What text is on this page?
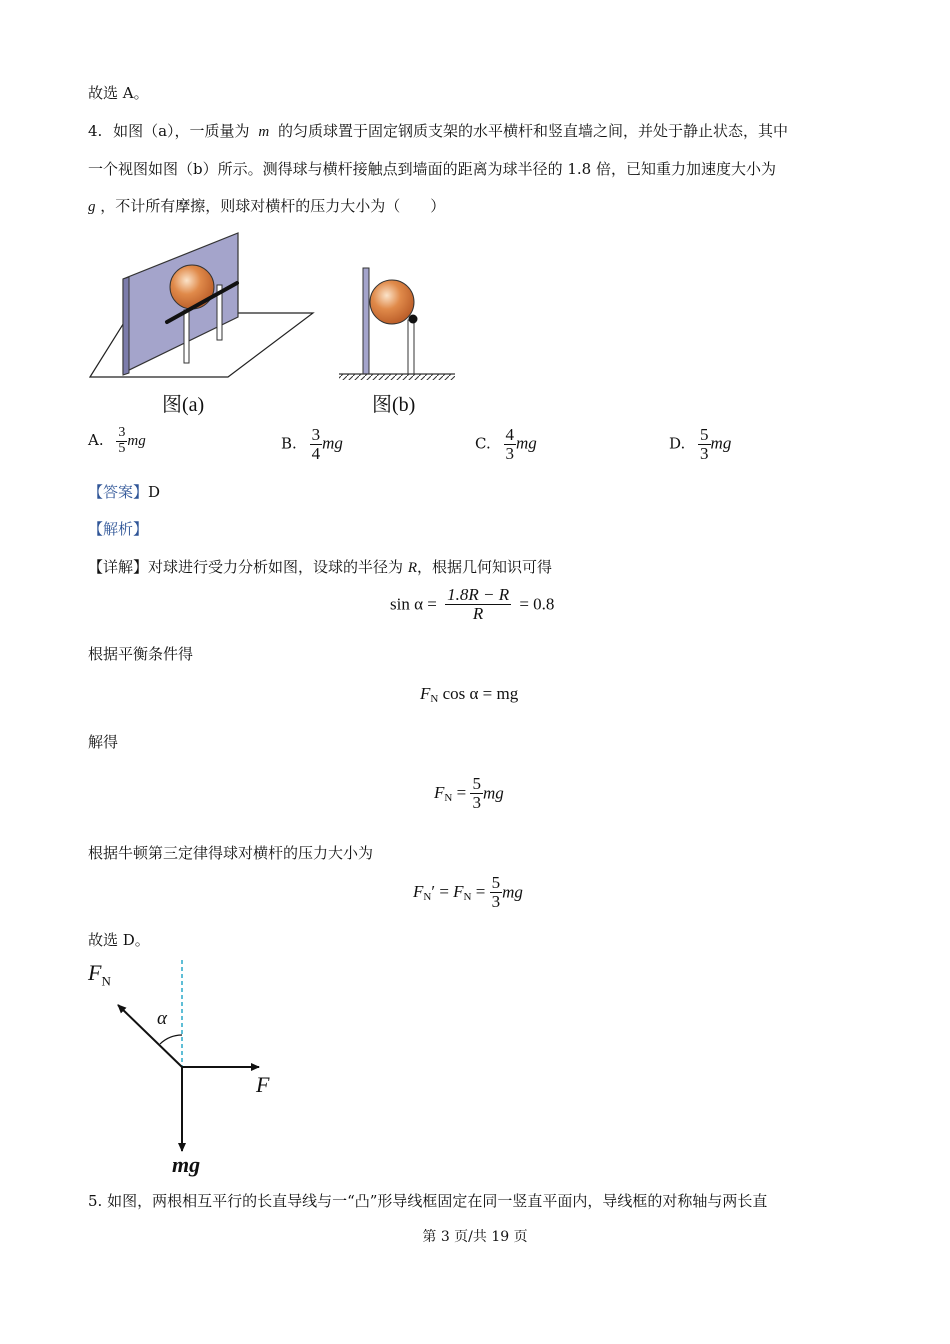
故选 A。
4. 如图（a），一质量为 m 的匀质球置于固定钢质支架的水平横杆和竖直墙之间，并处于静止状态，其中
一个视图如图（b）所示。测得球与横杆接触点到墙面的距离为球半径的 1.8 倍，已知重力加速度大小为
g ，不计所有摩擦，则球对横杆的压力大小为（　　）
图(a)	图(b)
A. $\frac{3}{5}$ mg	B. $\frac{3}{4}$ mg	C. $\frac{4}{3}$ mg	D. $\frac{5}{3}$ mg
【答案】D
【解析】
【详解】对球进行受力分析如图，设球的半径为 R，根据几何知识可得
$\sin \alpha = \frac{1.8R - R}{R} = 0.8$
根据平衡条件得
$F_N$ cos α = mg
解得
$F_N = \frac{5}{3}$ mg
根据牛顿第三定律得球对横杆的压力大小为
$F_N' = F_N = \frac{5}{3}$ mg
故选 D。
$F_N$
α
F
mg
5. 如图，两根相互平行的长直导线与一“凸”形导线框固定在同一竖直平面内，导线框的对称轴与两长直
第 3 页/共 19 页
